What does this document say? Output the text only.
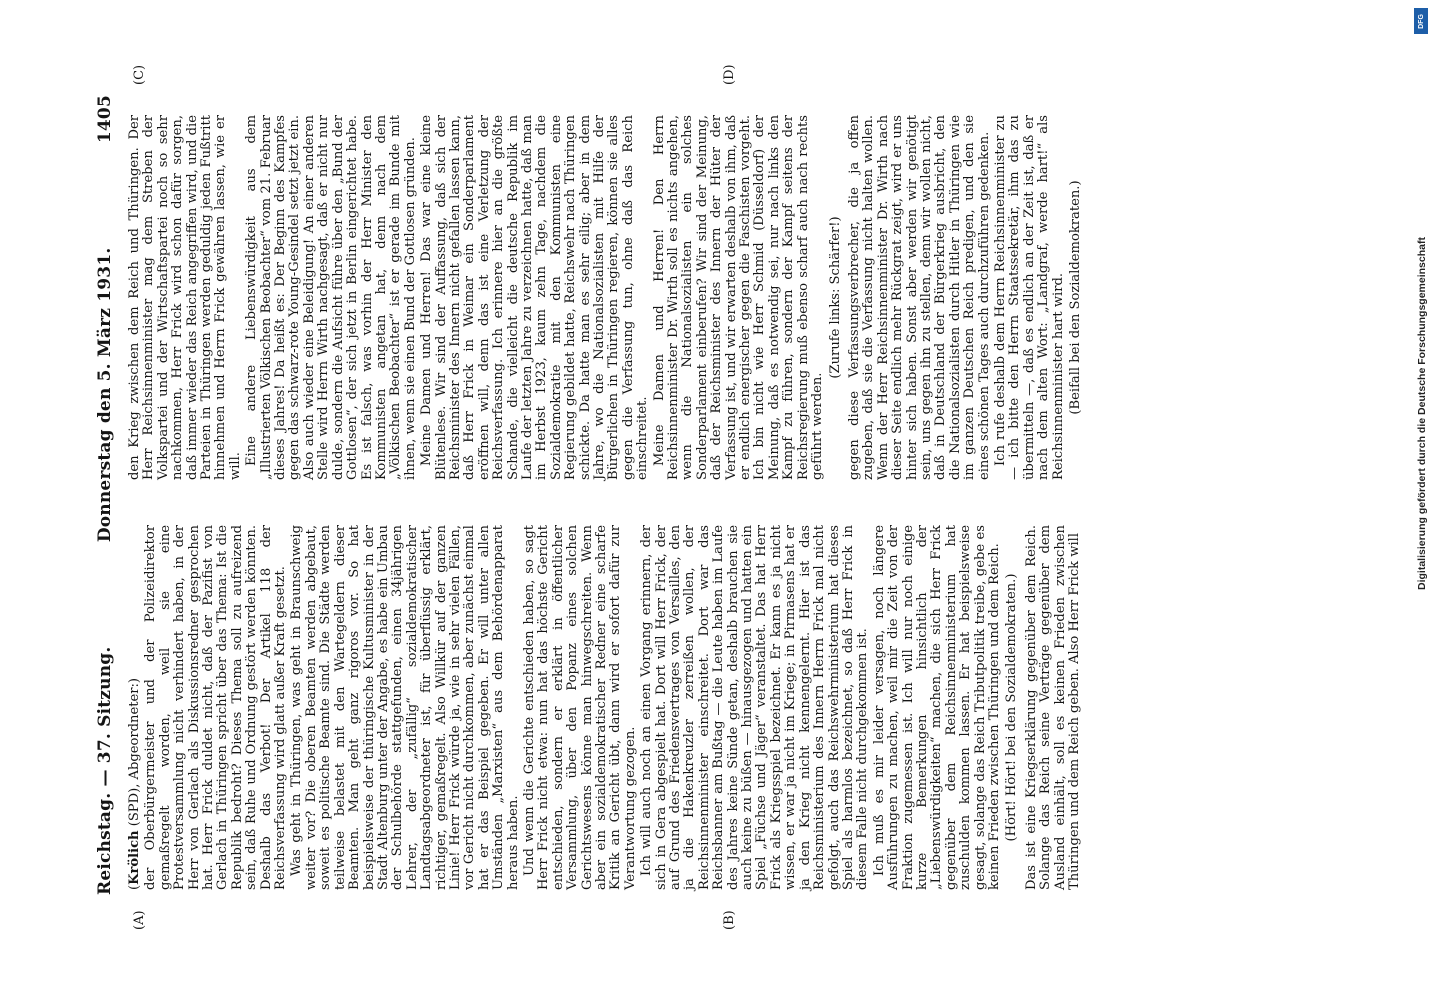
Reichstag. — 37. Sitzung.
Donnerstag den 5. März 1931.
1405
(A)	(B)
(C)	(D)

(Krölich (SPD), Abgeordneter:) der Oberbürgermeister und der Polizeidirektor gemaßregelt worden, weil sie eine Protestversammlung nicht verhindert haben, in der Herr von Gerlach als Diskussionsredner gesprochen hat. Herr Frick duldet nicht, daß der Pazifist von Gerlach in Thüringen spricht über das Thema: Ist die Republik bedroht? Dieses Thema soll zu aufreizend sein, daß Ruhe und Ordnung gestört werden könnten. Deshalb das Verbot! Der Artikel 118 der Reichsverfassung wird glatt außer Kraft gesetzt. Was geht in Thüringen, was geht in Braunschweig weiter vor? Die oberen Beamten werden abgebaut, soweit es politische Beamte sind. Die Städte werden teilweise belastet mit den Wartegeldern dieser Beamten. Man geht ganz rigoros vor. So hat beispielsweise der thüringische Kultusminister in der Stadt Altenburg unter der Angabe, es habe ein Umbau der Schulbehörde stattgefunden, einen 34jährigen Lehrer, der „zufällig“ sozialdemokratischer Landtagsabgeordneter ist, für überflüssig erklärt, richtiger, gemaßregelt. Also Willkür auf der ganzen Linie! Herr Frick würde ja, wie in sehr vielen Fällen, vor Gericht nicht durchkommen, aber zunächst einmal hat er das Beispiel gegeben. Er will unter allen Umständen „Marxisten“ aus dem Behördenapparat heraus haben. Und wenn die Gerichte entschieden haben, so sagt Herr Frick nicht etwa: nun hat das höchste Gericht entschieden, sondern er erklärt in öffentlicher Versammlung, über den Popanz eines solchen Gerichtswesens könne man hinwegschreiten. Wenn aber ein sozialdemokratischer Redner eine scharfe Kritik an Gericht übt, dann wird er sofort dafür zur Verantwortung gezogen. Ich will auch noch an einen Vorgang erinnern, der sich in Gera abgespielt hat. Dort will Herr Frick, der auf Grund des Friedensvertrages von Versailles, den ja die Hakenkreuzler zerreißen wollen, der Reichsinnenminister einschreitet. Dort war das Reichsbanner am Bußtag — die Leute haben im Laufe des Jahres keine Sünde getan, deshalb brauchen sie auch keine zu büßen — hinausgezogen und hatten ein Spiel „Füchse und Jäger“ veranstaltet. Das hat Herr Frick als Kriegsspiel bezeichnet. Er kann es ja nicht wissen, er war ja nicht im Kriege; in Pirmasens hat er ja den Krieg nicht kennengelernt. Hier ist das Reichsministerium des Innern Herrn Frick mal nicht gefolgt, auch das Reichswehrministerium hat dieses Spiel als harmlos bezeichnet, so daß Herr Frick in diesem Falle nicht durchgekommen ist. Ich muß es mir leider versagen, noch längere Ausführungen zu machen, weil mir die Zeit von der Fraktion zugemessen ist. Ich will nur noch einige kurze Bemerkungen hinsichtlich der „Liebenswürdigkeiten“ machen, die sich Herr Frick gegenüber dem Reichsinnenministerium hat zuschulden kommen lassen. Er hat beispielsweise gesagt, solange das Reich Tributpolitik treibe, gebe es keinen Frieden zwischen Thüringen und dem Reich. (Hört! Hört! bei den Sozialdemokraten.) Das ist eine Kriegserklärung gegenüber dem Reich. Solange das Reich seine Verträge gegenüber dem Ausland einhält, soll es keinen Frieden zwischen Thüringen und dem Reich geben. Also Herr Frick will

den Krieg zwischen dem Reich und Thüringen. Der Herr Reichsinnenminister mag dem Streben der Volkspartei und der Wirtschaftspartei noch so sehr nachkommen, Herr Frick wird schon dafür sorgen, daß immer wieder das Reich angegriffen wird, und die Parteien in Thüringen werden geduldig jeden Fußtritt hinnehmen und Herrn Frick gewähren lassen, wie er will.

Eine andere Liebenswürdigkeit aus dem „Illustrierten Völkischen Beobachter“ vom 21. Februar dieses Jahres! Da heißt es: Der Beginn des Kampfes gegen das schwarz-rote Young-Gesindel setzt jetzt ein. Also auch wieder eine Beleidigung! An einer anderen Stelle wird Herrn Wirth nachgesagt, daß er nicht nur dulde, sondern die Aufsicht führe über den „Bund der Gottlosen“, der sich jetzt in Berlin eingerichtet habe. Es ist falsch, was vorhin der Herr Minister den Kommunisten angetan hat, denn nach dem „Völkischen Beobachter“ ist er gerade im Bunde mit ihnen, wenn sie einen Bund der Gottlosen gründen. Meine Damen und Herren! Das war eine kleine Blütenlese. Wir sind der Auffassung, daß sich der Reichsminister des Innern nicht gefallen lassen kann, daß Herr Frick in Weimar ein Sonderparlament eröffnen will, denn das ist eine Verletzung der Reichsverfassung. Ich erinnere hier an die größte Schande, die vielleicht die deutsche Republik im Laufe der letzten Jahre zu verzeichnen hatte, daß man im Herbst 1923, kaum zehn Tage, nachdem die Sozialdemokratie mit den Kommunisten eine Regierung gebildet hatte, Reichswehr nach Thüringen schickte. Da hatte man es sehr eilig; aber in dem Jahre, wo die Nationalsozialisten mit Hilfe der Bürgerlichen in Thüringen regieren, können sie alles gegen die Verfassung tun, ohne daß das Reich einschreitet. Meine Damen und Herren! Den Herrn Reichsinnenminister Dr. Wirth soll es nichts angehen, wenn die Nationalsozialisten ein solches Sonderparlament einberufen? Wir sind der Meinung, daß der Reichsminister des Innern der Hüter der Verfassung ist, und wir erwarten deshalb von ihm, daß er endlich energischer gegen die Faschisten vorgeht. Ich bin nicht wie Herr Schmid (Düsseldorf) der Meinung, daß es notwendig sei, nur nach links den Kampf zu führen, sondern der Kampf seitens der Reichsregierung muß ebenso scharf auch nach rechts geführt werden.

(Zurufe links: Schärfer!) gegen diese Verfassungsverbrecher, die ja offen zugeben, daß sie die Verfassung nicht halten wollen. Wenn der Herr Reichsinnenminister Dr. Wirth nach dieser Seite endlich mehr Rückgrat zeigt, wird er uns hinter sich haben. Sonst aber werden wir genötigt sein, uns gegen ihn zu stellen, denn wir wollen nicht, daß in Deutschland der Bürgerkrieg ausbricht, den die Nationalsozialisten durch Hitler in Thüringen wie im ganzen Deutschen Reich predigen, und den sie eines schönen Tages auch durchzuführen gedenken. Ich rufe deshalb dem Herrn Reichsinnenminister zu — ich bitte den Herrn Staatssekretär, ihm das zu übermitteln —, daß es endlich an der Zeit ist, daß er nach dem alten Wort: „Landgraf, werde hart!“ als Reichsinnenminister hart wird. (Beifall bei den Sozialdemokraten.)

DFG
Digitalisierung gefördert durch die Deutsche Forschungsgemeinschaft
